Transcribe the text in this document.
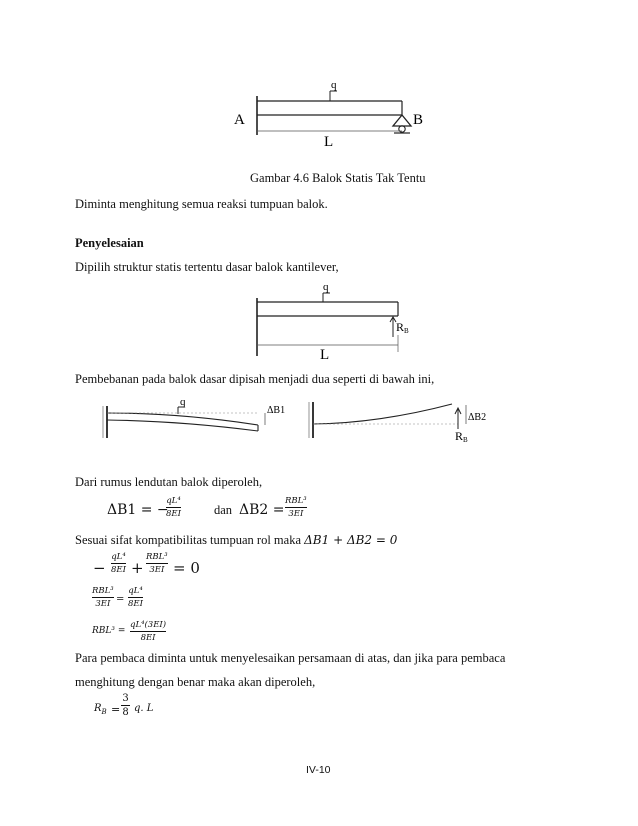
A	B
q
L
Gambar 4.6 Balok Statis Tak Tentu
Diminta menghitung semua reaksi tumpuan balok.
Penyelesaian
Dipilih struktur statis tertentu dasar balok kantilever,
q
RB
L
Pembebanan pada balok dasar dipisah menjadi dua seperti di bawah ini,
q
ΔB1
ΔB2
RB
Dari rumus lendutan balok diperoleh,
ΔB1 = −
qL⁴
8EI	dan ΔB2 =
RBL³
3EI
Sesuai sifat kompatibilitas tumpuan rol maka ΔB1 + ΔB2 = 0
−
qL⁴
8EI +
RBL³
3EI = 0
RBL³
3EI =
qL⁴
8EI
RBL³ =
qL⁴(3EI)
8EI
Para pembaca diminta untuk menyelesaikan persamaan di atas, dan jika para pembaca
menghitung dengan benar maka akan diperoleh,
$R_B$ =
3
8 q. L
IV-10
